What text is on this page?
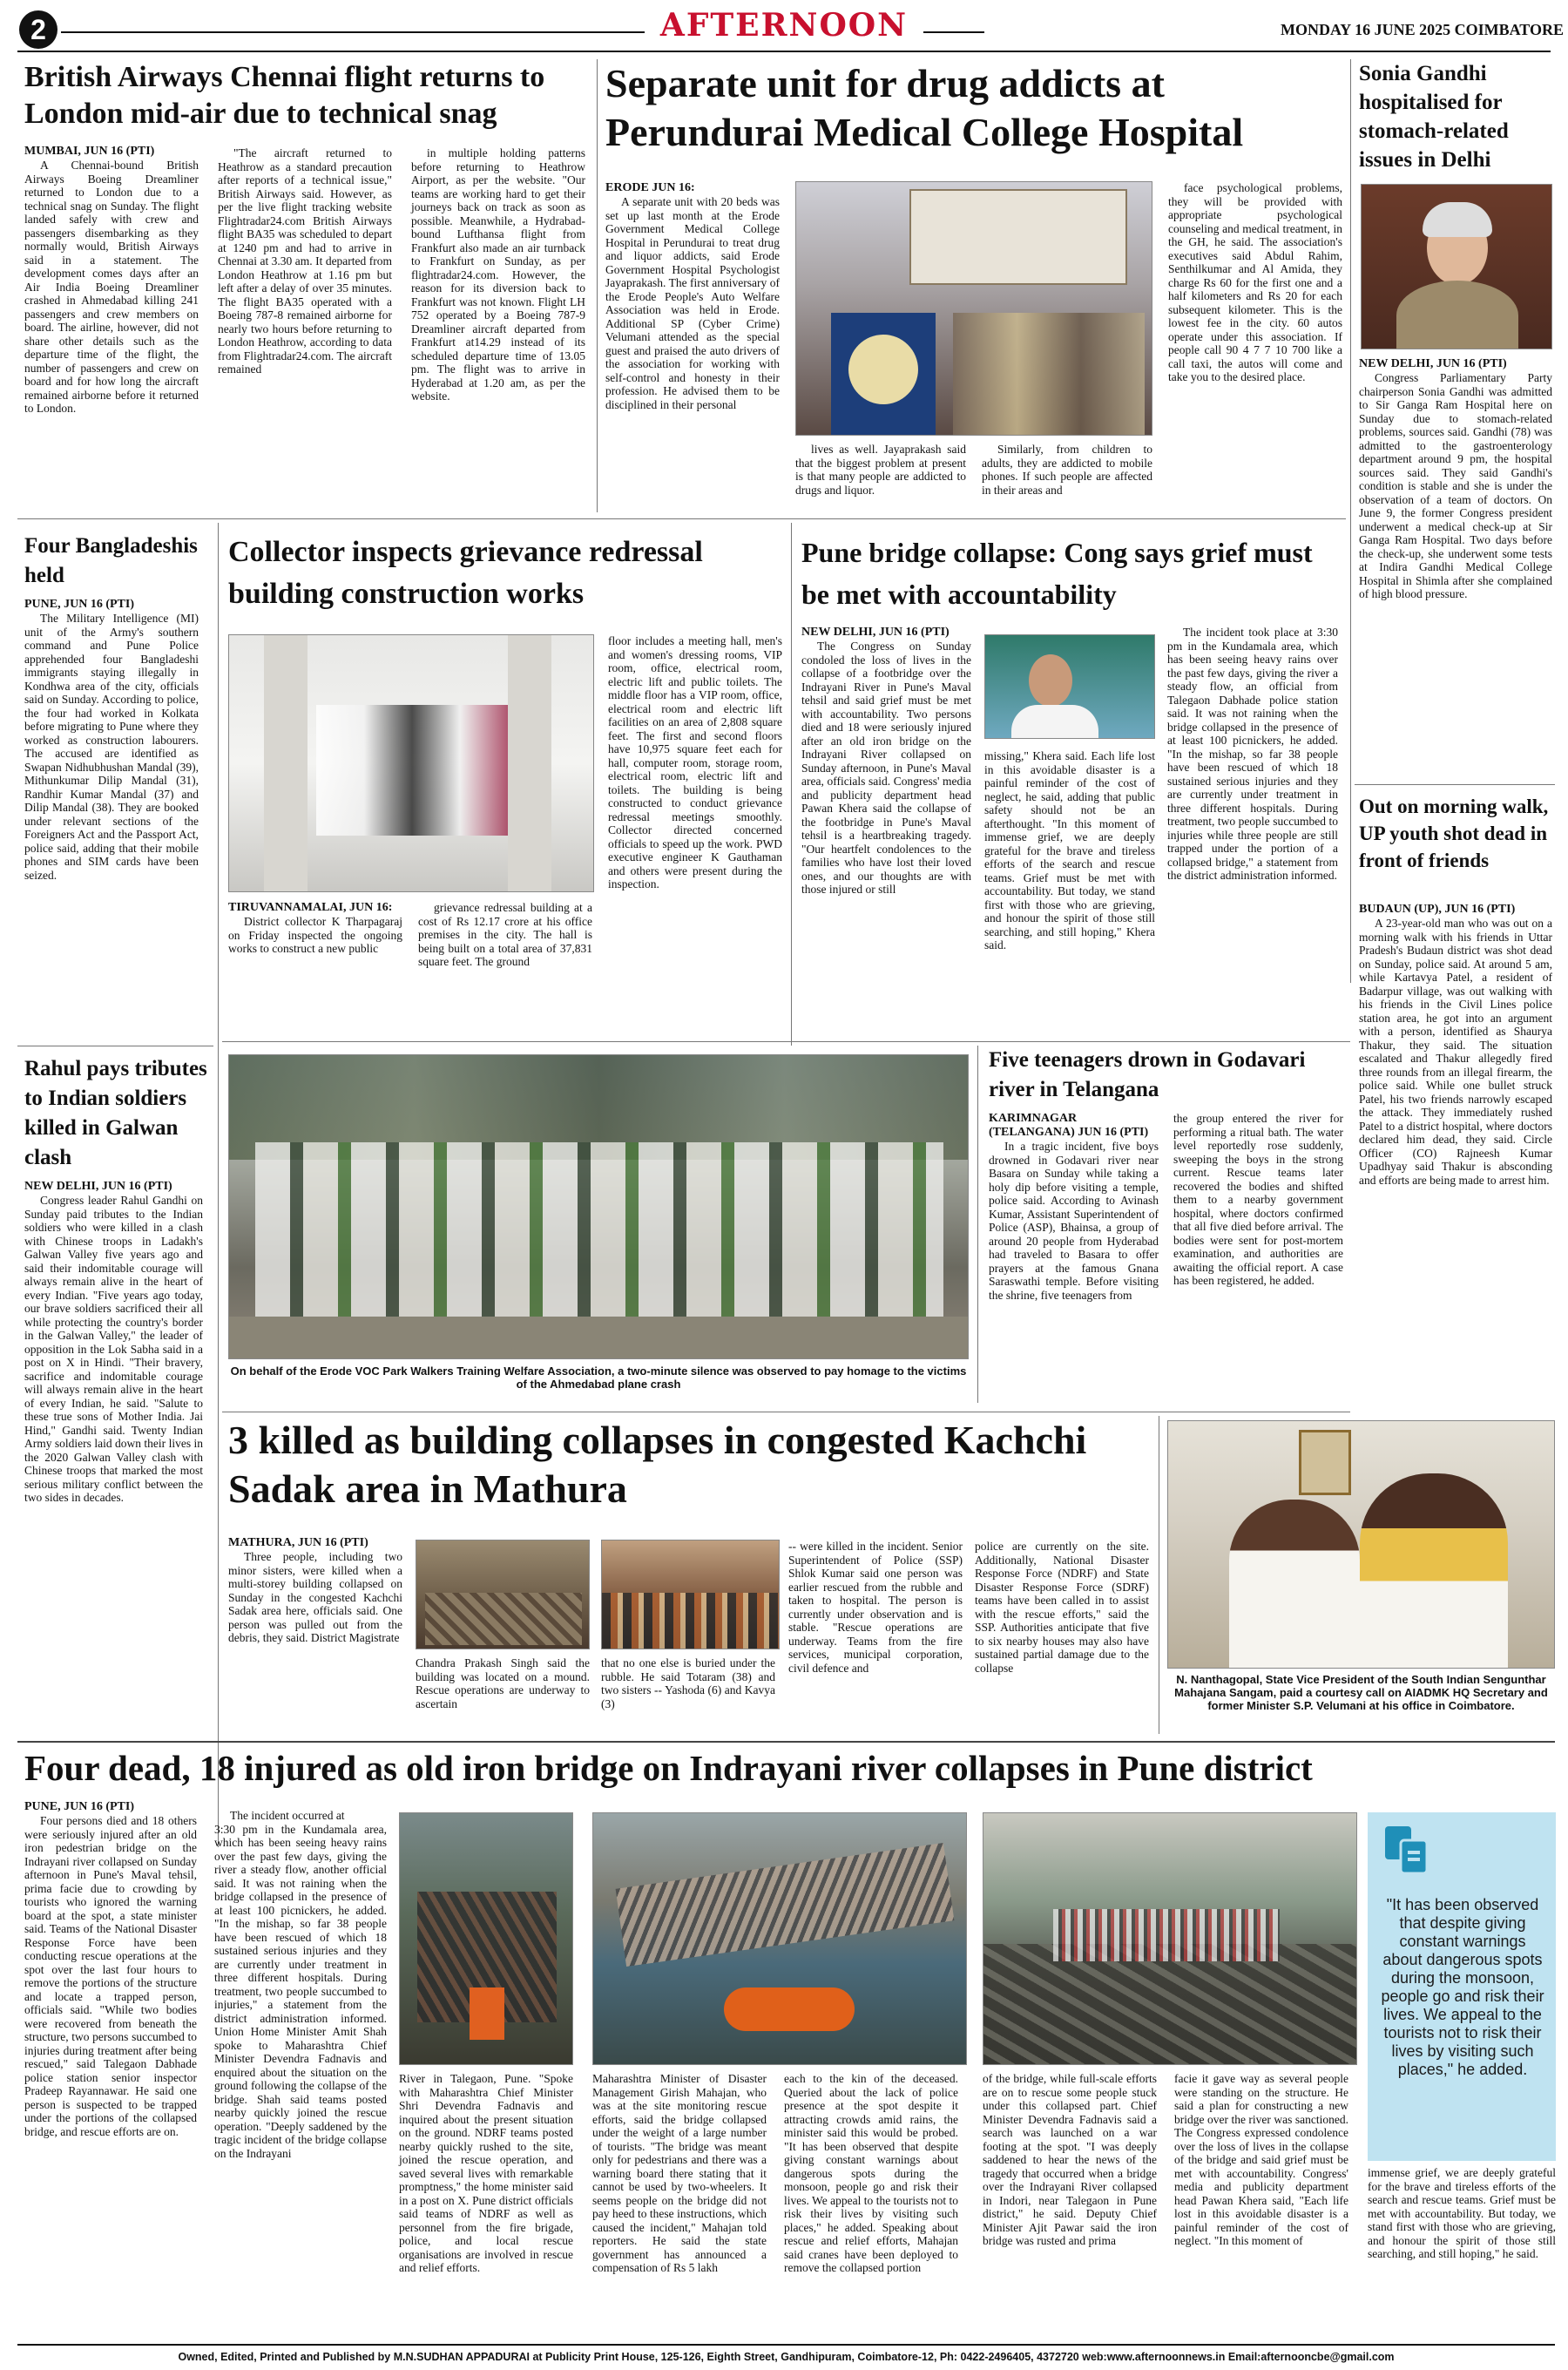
2	AFTERNOON	MONDAY 16 JUNE 2025 COIMBATORE
British Airways Chennai flight returns to London mid-air due to technical snag
MUMBAI, JUN 16 (PTI)

A Chennai-bound British Airways Boeing Dreamliner returned to London due to a technical snag on Sunday. The flight landed safely with crew and passengers disembarking as they normally would, British Airways said in a statement. The development comes days after an Air India Boeing Dreamliner crashed in Ahmedabad killing 241 passengers and crew members on board. The airline, however, did not share other details such as the departure time of the flight, the number of passengers and crew on board and for how long the aircraft remained airborne before it returned to London.

"The aircraft returned to Heathrow as a standard precaution after reports of a technical issue," British Airways said. However, as per the live flight tracking website Flightradar24.com British Airways flight BA35 was scheduled to depart at 1240 pm and had to arrive in Chennai at 3.30 am. It departed from London Heathrow at 1.16 pm but left after a delay of over 35 minutes. The flight BA35 operated with a Boeing 787-8 remained airborne for nearly two hours before returning to London Heathrow, according to data from Flightradar24.com. The aircraft remained
in multiple holding patterns before returning to Heathrow Airport, as per the website. "Our teams are working hard to get their journeys back on track as soon as possible. Meanwhile, a Hydrabad-bound Lufthansa flight from Frankfurt also made an air turnback to Frankfurt on Sunday, as per flightradar24.com. However, the reason for its diversion back to Frankfurt was not known. Flight LH 752 operated by a Boeing 787-9 Dreamliner aircraft departed from Frankfurt at14.29 instead of its scheduled departure time of 13.05 pm. The flight was to arrive in Hyderabad at 1.20 am, as per the website.
Separate unit for drug addicts at Perundurai Medical College Hospital
ERODE JUN 16:

A separate unit with 20 beds was set up last month at the Erode Government Medical College Hospital in Perundurai to treat drug and liquor addicts, said Erode Government Hospital Psychologist Jayaprakash. The first anniversary of the Erode People's Auto Welfare Association was held in Erode. Additional SP (Cyber Crime) Velumani attended as the special guest and praised the auto drivers of the association for working with self-control and honesty in their profession. He advised them to be disciplined in their personal

lives as well. Jayaprakash said that the biggest problem at present is that many people are addicted to drugs and liquor.
Similarly, from children to adults, they are addicted to mobile phones. If such people are affected in their areas and
face psychological problems, they will be provided with appropriate psychological counseling and medical treatment, in the GH, he said. The association's executives said Abdul Rahim, Senthilkumar and Al Amida, they charge Rs 60 for the first one and a half kilometers and Rs 20 for each subsequent kilometer. This is the lowest fee in the city. 60 autos operate under this association. If people call 90 4 7 7 10 700 like a call taxi, the autos will come and take you to the desired place.
Sonia Gandhi hospitalised for stomach-related issues in Delhi
NEW DELHI, JUN 16 (PTI)

Congress Parliamentary Party chairperson Sonia Gandhi was admitted to Sir Ganga Ram Hospital here on Sunday due to stomach-related problems, sources said. Gandhi (78) was admitted to the gastroenterology department around 9 pm, the hospital sources said. They said Gandhi's condition is stable and she is under the observation of a team of doctors. On June 9, the former Congress president underwent a medical check-up at Sir Ganga Ram Hospital. Two days before the check-up, she underwent some tests at Indira Gandhi Medical College Hospital in Shimla after she complained of high blood pressure.

Four Bangladeshis held
PUNE, JUN 16 (PTI)

The Military Intelligence (MI) unit of the Army's southern command and Pune Police apprehended four Bangladeshi immigrants staying illegally in Kondhwa area of the city, officials said on Sunday. According to police, the four had worked in Kolkata before migrating to Pune where they worked as construction labourers. The accused are identified as Swapan Nidhubhushan Mandal (39), Mithunkumar Dilip Mandal (31), Randhir Kumar Mandal (37) and Dilip Mandal (38). They are booked under relevant sections of the Foreigners Act and the Passport Act, police said, adding that their mobile phones and SIM cards have been seized.

Collector inspects grievance redressal building construction works
TIRUVANNAMALAI, JUN 16:

District collector K Tharpagaraj on Friday inspected the ongoing works to construct a new public

grievance redressal building at a cost of Rs 12.17 crore at his office premises in the city. The hall is being built on a total area of 37,831 square feet. The ground
floor includes a meeting hall, men's and women's dressing rooms, VIP room, office, electrical room, electric lift and public toilets. The middle floor has a VIP room, office, electrical room and electric lift facilities on an area of 2,808 square feet. The first and second floors have 10,975 square feet each for hall, computer room, storage room, electrical room, electric lift and toilets. The building is being constructed to conduct grievance redressal meetings smoothly. Collector directed concerned officials to speed up the work. PWD executive engineer K Gauthaman and others were present during the inspection.
Pune bridge collapse: Cong says grief must be met with accountability
NEW DELHI, JUN 16 (PTI)

The Congress on Sunday condoled the loss of lives in the collapse of a footbridge over the Indrayani River in Pune's Maval tehsil and said grief must be met with accountability. Two persons died and 18 were seriously injured after an old iron bridge on the Indrayani River collapsed on Sunday afternoon, in Pune's Maval area, officials said. Congress' media and publicity department head Pawan Khera said the collapse of the footbridge in Pune's Maval tehsil is a heartbreaking tragedy. "Our heartfelt condolences to the families who have lost their loved ones, and our thoughts are with those injured or still

missing," Khera said. Each life lost in this avoidable disaster is a painful reminder of the cost of neglect, he said, adding that public safety should not be an afterthought. "In this moment of immense grief, we are deeply grateful for the brave and tireless efforts of the search and rescue teams. Grief must be met with accountability. But today, we stand first with those who are grieving, and honour the spirit of those still searching, and still hoping," Khera said.
The incident took place at 3:30 pm in the Kundamala area, which has been seeing heavy rains over the past few days, giving the river a steady flow, an official from Talegaon Dabhade police station said. It was not raining when the bridge collapsed in the presence of at least 100 picnickers, he added. "In the mishap, so far 38 people have been rescued of which 18 sustained serious injuries and they are currently under treatment in three different hospitals. During treatment, two people succumbed to injuries while three people are still trapped under the portion of a collapsed bridge," a statement from the district administration informed.
Out on morning walk, UP youth shot dead in front of friends
BUDAUN (UP), JUN 16 (PTI)

A 23-year-old man who was out on a morning walk with his friends in Uttar Pradesh's Budaun district was shot dead on Sunday, police said. At around 5 am, while Kartavya Patel, a resident of Badarpur village, was out walking with his friends in the Civil Lines police station area, he got into an argument with a person, identified as Shaurya Thakur, they said. The situation escalated and Thakur allegedly fired three rounds from an illegal firearm, the police said. While one bullet struck Patel, his two friends narrowly escaped the attack. They immediately rushed Patel to a district hospital, where doctors declared him dead, they said. Circle Officer (CO) Rajneesh Kumar Upadhyay said Thakur is absconding and efforts are being made to arrest him.

Rahul pays tributes to Indian soldiers killed in Galwan clash
NEW DELHI, JUN 16 (PTI)

Congress leader Rahul Gandhi on Sunday paid tributes to the Indian soldiers who were killed in a clash with Chinese troops in Ladakh's Galwan Valley five years ago and said their indomitable courage will always remain alive in the heart of every Indian. "Five years ago today, our brave soldiers sacrificed their all while protecting the country's border in the Galwan Valley," the leader of opposition in the Lok Sabha said in a post on X in Hindi. "Their bravery, sacrifice and indomitable courage will always remain alive in the heart of every Indian, he said. "Salute to these true sons of Mother India. Jai Hind," Gandhi said. Twenty Indian Army soldiers laid down their lives in the 2020 Galwan Valley clash with Chinese troops that marked the most serious military conflict between the two sides in decades.

On behalf of the Erode VOC Park Walkers Training Welfare Association, a two-minute silence was observed to pay homage to the victims of the Ahmedabad plane crash
Five teenagers drown in Godavari river in Telangana
KARIMNAGAR (TELANGANA) JUN 16 (PTI)

In a tragic incident, five boys drowned in Godavari river near Basara on Sunday while taking a holy dip before visiting a temple, police said. According to Avinash Kumar, Assistant Superintendent of Police (ASP), Bhainsa, a group of around 20 people from Hyderabad had traveled to Basara to offer prayers at the famous Gnana Saraswathi temple. Before visiting the shrine, five teenagers from

the group entered the river for performing a ritual bath. The water level reportedly rose suddenly, sweeping the boys in the strong current. Rescue teams later recovered the bodies and shifted them to a nearby government hospital, where doctors confirmed that all five died before arrival. The bodies were sent for post-mortem examination, and authorities are awaiting the official report. A case has been registered, he added.
3 killed as building collapses in congested Kachchi Sadak area in Mathura
MATHURA, JUN 16 (PTI)

Three people, including two minor sisters, were killed when a multi-storey building collapsed on Sunday in the congested Kachchi Sadak area here, officials said. One person was pulled out from the debris, they said. District Magistrate

Chandra Prakash Singh said the building was located on a mound. Rescue operations are underway to ascertain
that no one else is buried under the rubble. He said Totaram (38) and two sisters -- Yashoda (6) and Kavya (3)
-- were killed in the incident. Senior Superintendent of Police (SSP) Shlok Kumar said one person was earlier rescued from the rubble and taken to hospital. The person is currently under observation and is stable. "Rescue operations are underway. Teams from the fire services, municipal corporation, civil defence and
police are currently on the site. Additionally, National Disaster Response Force (NDRF) and State Disaster Response Force (SDRF) teams have been called in to assist with the rescue efforts," said the SSP. Authorities anticipate that five to six nearby houses may also have sustained partial damage due to the collapse
N. Nanthagopal, State Vice President of the South Indian Sengunthar Mahajana Sangam, paid a courtesy call on AIADMK HQ Secretary and former Minister S.P. Velumani at his office in Coimbatore.
Four dead, 18 injured as old iron bridge on Indrayani river collapses in Pune district
PUNE, JUN 16 (PTI)

Four persons died and 18 others were seriously injured after an old iron pedestrian bridge on the Indrayani river collapsed on Sunday afternoon in Pune's Maval tehsil, prima facie due to crowding by tourists who ignored the warning board at the spot, a state minister said. Teams of the National Disaster Response Force have been conducting rescue operations at the spot over the last four hours to remove the portions of the structure and locate a trapped person, officials said. "While two bodies were recovered from beneath the structure, two persons succumbed to injuries during treatment after being rescued," said Talegaon Dabhade police station senior inspector Pradeep Rayannawar. He said one person is suspected to be trapped under the portions of the collapsed bridge, and rescue efforts are on.

The incident occurred at

3:30 pm in the Kundamala area, which has been seeing heavy rains over the past few days, giving the river a steady flow, another official said. It was not raining when the bridge collapsed in the presence of at least 100 picnickers, he added. "In the mishap, so far 38 people have been rescued of which 18 sustained serious injuries and they are currently under treatment in three different hospitals. During treatment, two people succumbed to injuries," a statement from the district administration informed. Union Home Minister Amit Shah spoke to Maharashtra Chief Minister Devendra Fadnavis and enquired about the situation on the ground following the collapse of the bridge. Shah said teams posted nearby quickly joined the rescue operation. "Deeply saddened by the tragic incident of the bridge collapse on the Indrayani
River in Talegaon, Pune. "Spoke with Maharashtra Chief Minister Shri Devendra Fadnavis and inquired about the present situation on the ground. NDRF teams posted nearby quickly rushed to the site, joined the rescue operation, and saved several lives with remarkable promptness," the home minister said in a post on X. Pune district officials said teams of NDRF as well as personnel from the fire brigade, police, and local rescue organisations are involved in rescue and relief efforts.
Maharashtra Minister of Disaster Management Girish Mahajan, who was at the site monitoring rescue efforts, said the bridge collapsed under the weight of a large number of tourists. "The bridge was meant only for pedestrians and there was a warning board there stating that it cannot be used by two-wheelers. It seems people on the bridge did not pay heed to these instructions, which caused the incident," Mahajan told reporters. He said the state government has announced a compensation of Rs 5 lakh
each to the kin of the deceased. Queried about the lack of police presence at the spot despite it attracting crowds amid rains, the minister said this would be probed. "It has been observed that despite giving constant warnings about dangerous spots during the monsoon, people go and risk their lives. We appeal to the tourists not to risk their lives by visiting such places," he added. Speaking about rescue and relief efforts, Mahajan said cranes have been deployed to remove the collapsed portion
of the bridge, while full-scale efforts are on to rescue some people stuck under this collapsed part. Chief Minister Devendra Fadnavis said a search was launched on a war footing at the spot. "I was deeply saddened to hear the news of the tragedy that occurred when a bridge over the Indrayani River collapsed in Indori, near Talegaon in Pune district," he said. Deputy Chief Minister Ajit Pawar said the iron bridge was rusted and prima
facie it gave way as several people were standing on the structure. He said a plan for constructing a new bridge over the river was sanctioned. The Congress expressed condolence over the loss of lives in the collapse of the bridge and said grief must be met with accountability. Congress' media and publicity department head Pawan Khera said, "Each life lost in this avoidable disaster is a painful reminder of the cost of neglect. "In this moment of
"It has been observed that despite giving constant warnings about dangerous spots during the monsoon, people go and risk their lives. We appeal to the tourists not to risk their lives by visiting such places," he added.
immense grief, we are deeply grateful for the brave and tireless efforts of the search and rescue teams. Grief must be met with accountability. But today, we stand first with those who are grieving, and honour the spirit of those still searching, and still hoping," he said.
Owned, Edited, Printed and Published by M.N.SUDHAN APPADURAI at Publicity Print House, 125-126, Eighth Street, Gandhipuram, Coimbatore-12, Ph: 0422-2496405, 4372720 web:www.afternoonnews.in Email:afternooncbe@gmail.com
